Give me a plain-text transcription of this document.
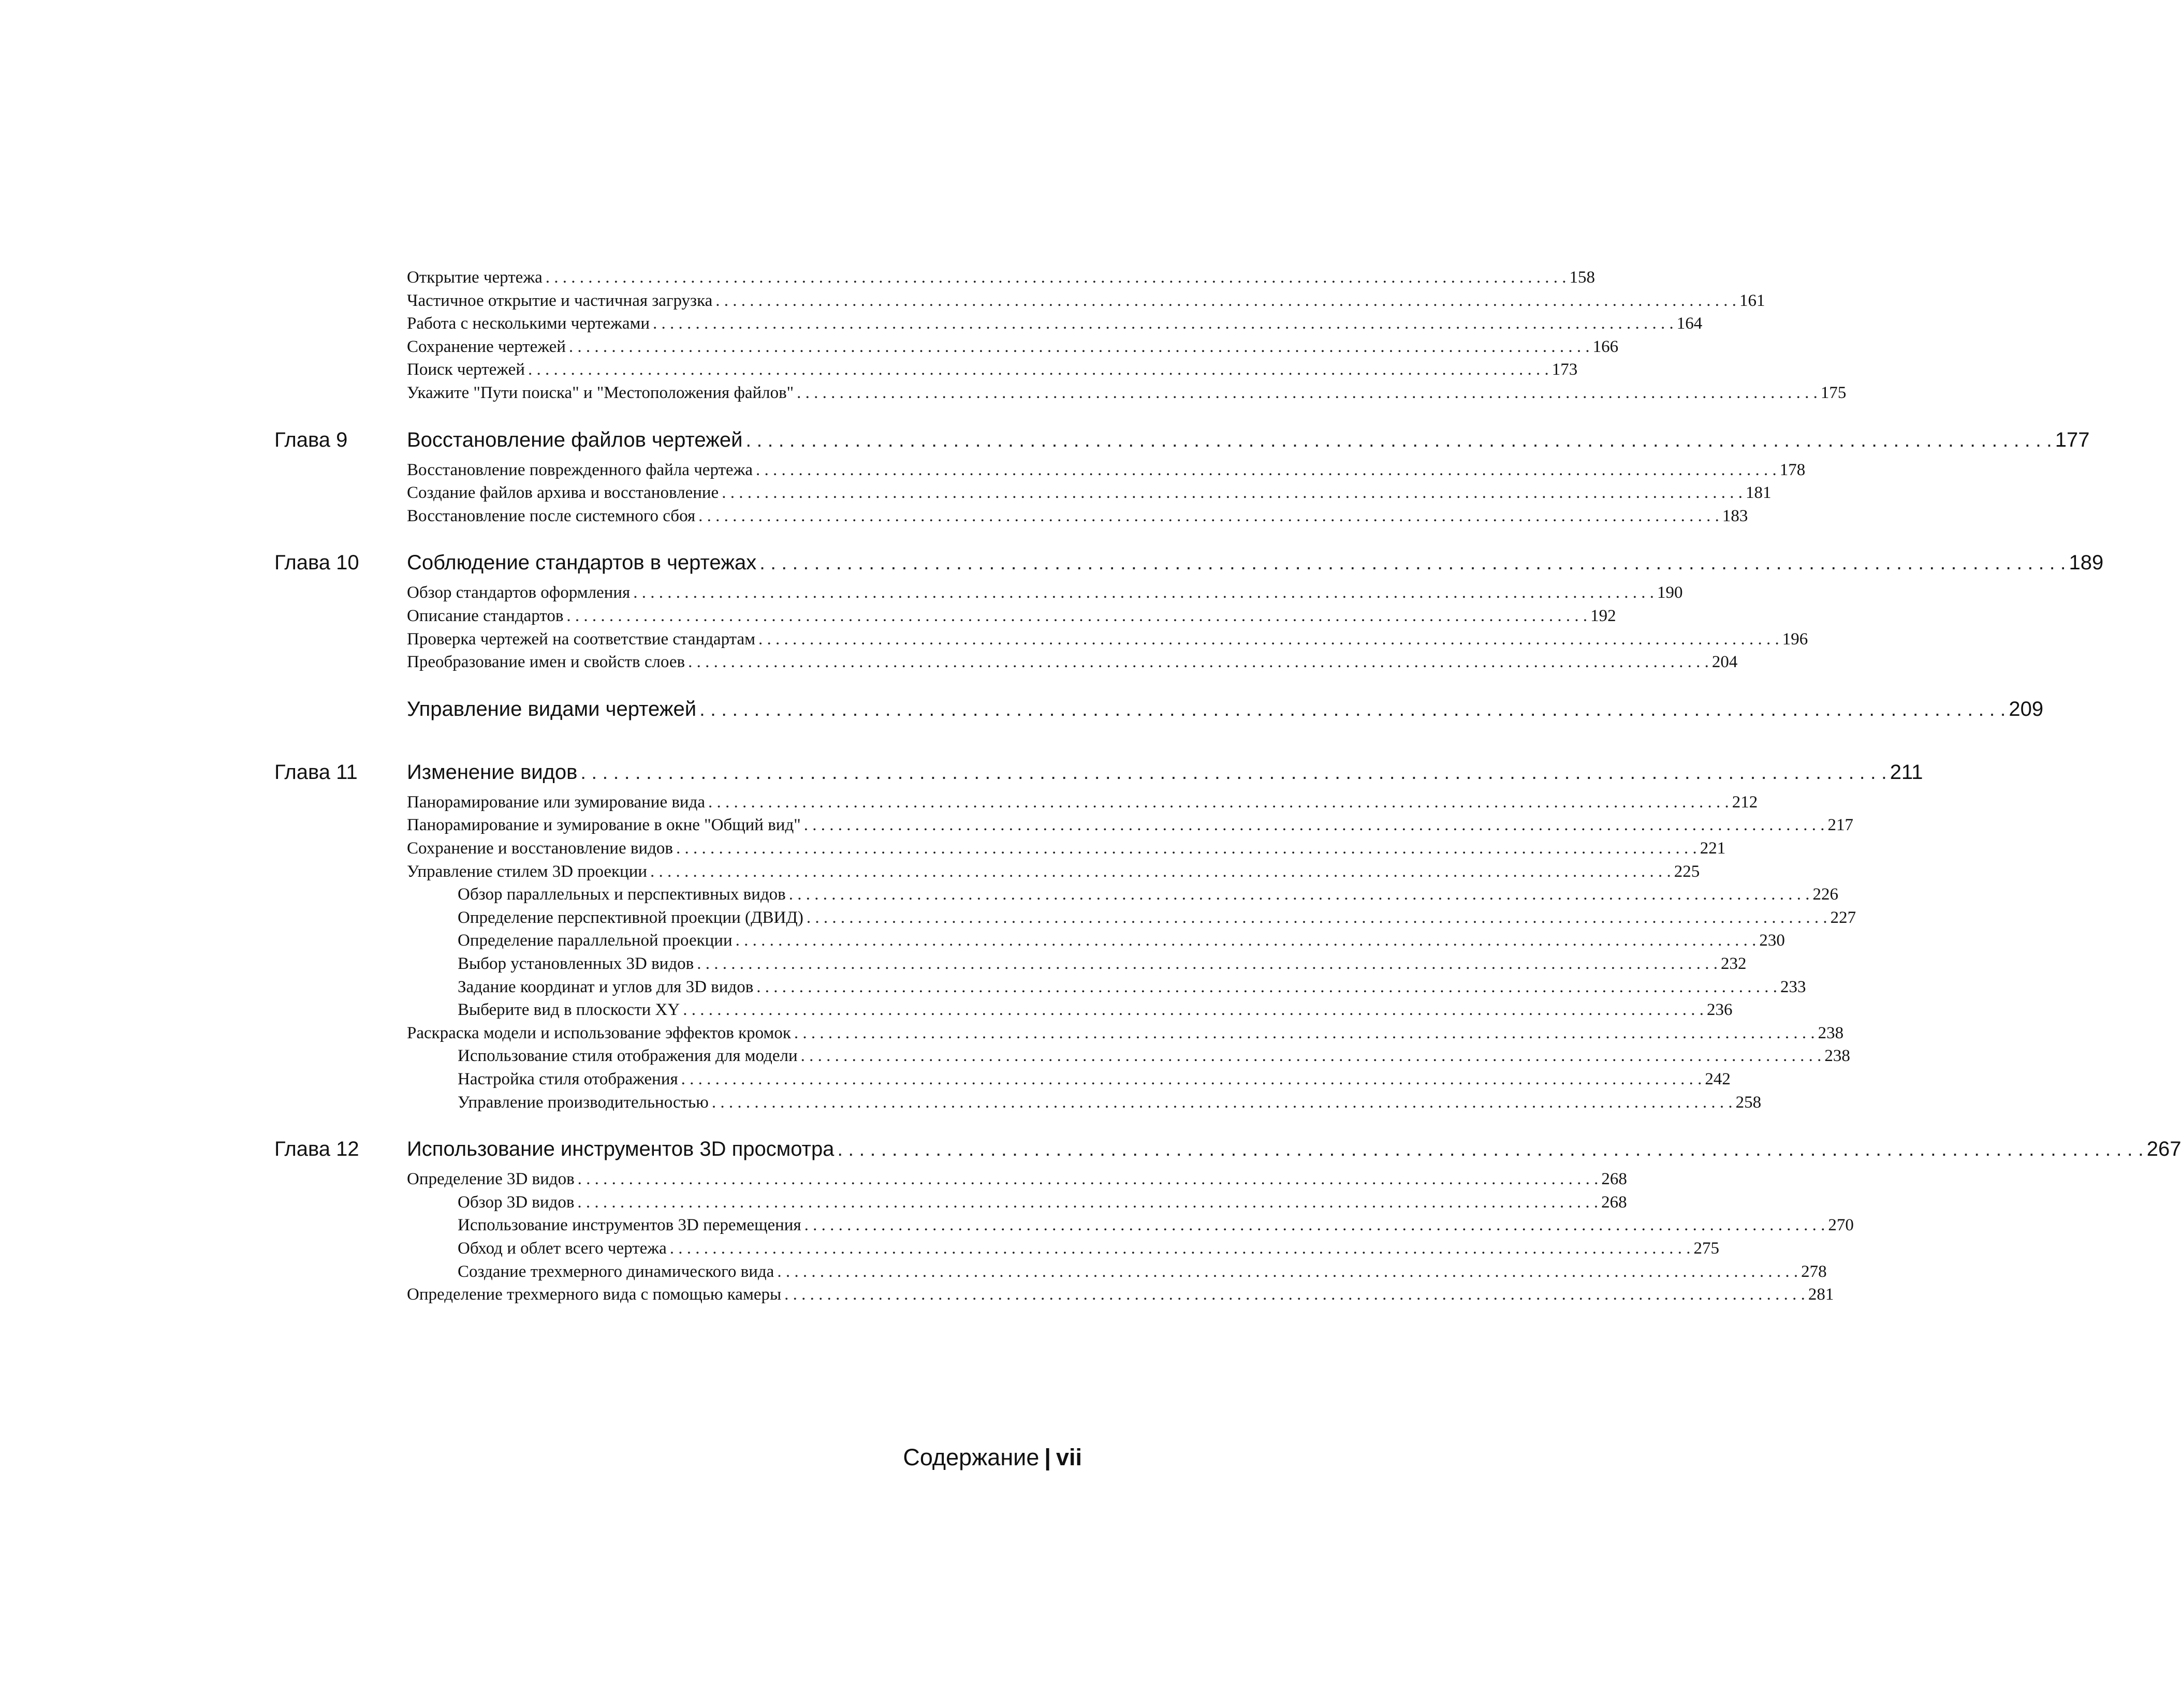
Открытие чертежа . . . . . . . . . . . . . . . . . . . . . . . . . . . . . . . . . . . . . . . . . . . . . . . . . . . . . . . . . . . . . . . . . . . . . . . . . . . . . . . . . . . . . . . . . . . . . . . . . . . . . . . . . . . . . . . . . . . . . . . . 158
Частичное открытие и частичная загрузка . . . . . . . . . . . . . . . . . . . . . . . . . . . . . . . . . . . . . . . . . . . . . . . . . . . . . . . . . . . . . . . . . . . . . . . . . . . . . . . . . . . . . . . . . . . . . . . . . . . . . . . . . . . . . . . . . . . . . . . . 161
Работа с несколькими чертежами . . . . . . . . . . . . . . . . . . . . . . . . . . . . . . . . . . . . . . . . . . . . . . . . . . . . . . . . . . . . . . . . . . . . . . . . . . . . . . . . . . . . . . . . . . . . . . . . . . . . . . . . . . . . . . . . . . . . . . . . 164
Сохранение чертежей . . . . . . . . . . . . . . . . . . . . . . . . . . . . . . . . . . . . . . . . . . . . . . . . . . . . . . . . . . . . . . . . . . . . . . . . . . . . . . . . . . . . . . . . . . . . . . . . . . . . . . . . . . . . . . . . . . . . . . . . 166
Поиск чертежей . . . . . . . . . . . . . . . . . . . . . . . . . . . . . . . . . . . . . . . . . . . . . . . . . . . . . . . . . . . . . . . . . . . . . . . . . . . . . . . . . . . . . . . . . . . . . . . . . . . . . . . . . . . . . . . . . . . . . . . . 173
Укажите "Пути поиска" и "Местоположения файлов" . . . . . . . . . . . . . . . . . . . . . . . . . . . . . . . . . . . . . . . . . . . . . . . . . . . . . . . . . . . . . . . . . . . . . . . . . . . . . . . . . . . . . . . . . . . . . . . . . . . . . . . . . . . . . . . . . . . . . . . . 175
Глава 9	Восстановление файлов чертежей . . . . . . . . . . . . . . . . . . . . . . . . . . . . . . . . . . . . . . . . . . . . . . . . . . . . . . . . . . . . . . . . . . . . . . . . . . . . . . . . . . . . . . . . . . . . . . . . . . . . . . . . . . . . . . . . . . . . . . . . 177
Восстановление поврежденного файла чертежа . . . . . . . . . . . . . . . . . . . . . . . . . . . . . . . . . . . . . . . . . . . . . . . . . . . . . . . . . . . . . . . . . . . . . . . . . . . . . . . . . . . . . . . . . . . . . . . . . . . . . . . . . . . . . . . . . . . . . . . . 178
Создание файлов архива и восстановление . . . . . . . . . . . . . . . . . . . . . . . . . . . . . . . . . . . . . . . . . . . . . . . . . . . . . . . . . . . . . . . . . . . . . . . . . . . . . . . . . . . . . . . . . . . . . . . . . . . . . . . . . . . . . . . . . . . . . . . . 181
Восстановление после системного сбоя . . . . . . . . . . . . . . . . . . . . . . . . . . . . . . . . . . . . . . . . . . . . . . . . . . . . . . . . . . . . . . . . . . . . . . . . . . . . . . . . . . . . . . . . . . . . . . . . . . . . . . . . . . . . . . . . . . . . . . . . 183
Глава 10 Соблюдение стандартов в чертежах . . . . . . . . . . . . . . . . . . . . . . . . . . . . . . . . . . . . . . . . . . . . . . . . . . . . . . . . . . . . . . . . . . . . . . . . . . . . . . . . . . . . . . . . . . . . . . . . . . . . . . . . . . . . . . . . . . . . . . . . 189
Обзор стандартов оформления . . . . . . . . . . . . . . . . . . . . . . . . . . . . . . . . . . . . . . . . . . . . . . . . . . . . . . . . . . . . . . . . . . . . . . . . . . . . . . . . . . . . . . . . . . . . . . . . . . . . . . . . . . . . . . . . . . . . . . . . 190
Описание стандартов . . . . . . . . . . . . . . . . . . . . . . . . . . . . . . . . . . . . . . . . . . . . . . . . . . . . . . . . . . . . . . . . . . . . . . . . . . . . . . . . . . . . . . . . . . . . . . . . . . . . . . . . . . . . . . . . . . . . . . . . 192
Проверка чертежей на соответствие стандартам . . . . . . . . . . . . . . . . . . . . . . . . . . . . . . . . . . . . . . . . . . . . . . . . . . . . . . . . . . . . . . . . . . . . . . . . . . . . . . . . . . . . . . . . . . . . . . . . . . . . . . . . . . . . . . . . . . . . . . . . 196
Преобразование имен и свойств слоев . . . . . . . . . . . . . . . . . . . . . . . . . . . . . . . . . . . . . . . . . . . . . . . . . . . . . . . . . . . . . . . . . . . . . . . . . . . . . . . . . . . . . . . . . . . . . . . . . . . . . . . . . . . . . . . . . . . . . . . . 204
Управление видами чертежей . . . . . . . . . . . . . . . . . . . . . . . . . . . . . . . . . . . . . . . . . . . . . . . . . . . . . . . . . . . . . . . . . . . . . . . . . . . . . . . . . . . . . . . . . . . . . . . . . . . . . . . . . . . . . . . . . . . . . . . . 209
Глава 11 Изменение видов . . . . . . . . . . . . . . . . . . . . . . . . . . . . . . . . . . . . . . . . . . . . . . . . . . . . . . . . . . . . . . . . . . . . . . . . . . . . . . . . . . . . . . . . . . . . . . . . . . . . . . . . . . . . . . . . . . . . . . . . 211
Панорамирование или зумирование вида . . . . . . . . . . . . . . . . . . . . . . . . . . . . . . . . . . . . . . . . . . . . . . . . . . . . . . . . . . . . . . . . . . . . . . . . . . . . . . . . . . . . . . . . . . . . . . . . . . . . . . . . . . . . . . . . . . . . . . . . 212
Панорамирование и зумирование в окне "Общий вид" . . . . . . . . . . . . . . . . . . . . . . . . . . . . . . . . . . . . . . . . . . . . . . . . . . . . . . . . . . . . . . . . . . . . . . . . . . . . . . . . . . . . . . . . . . . . . . . . . . . . . . . . . . . . . . . . . . . . . . . . 217
Сохранение и восстановление видов . . . . . . . . . . . . . . . . . . . . . . . . . . . . . . . . . . . . . . . . . . . . . . . . . . . . . . . . . . . . . . . . . . . . . . . . . . . . . . . . . . . . . . . . . . . . . . . . . . . . . . . . . . . . . . . . . . . . . . . . 221
Управление стилем 3D проекции . . . . . . . . . . . . . . . . . . . . . . . . . . . . . . . . . . . . . . . . . . . . . . . . . . . . . . . . . . . . . . . . . . . . . . . . . . . . . . . . . . . . . . . . . . . . . . . . . . . . . . . . . . . . . . . . . . . . . . . . 225
Обзор параллельных и перспективных видов . . . . . . . . . . . . . . . . . . . . . . . . . . . . . . . . . . . . . . . . . . . . . . . . . . . . . . . . . . . . . . . . . . . . . . . . . . . . . . . . . . . . . . . . . . . . . . . . . . . . . . . . . . . . . . . . . . . . . . . . 226
Определение перспективной проекции (ДВИД) . . . . . . . . . . . . . . . . . . . . . . . . . . . . . . . . . . . . . . . . . . . . . . . . . . . . . . . . . . . . . . . . . . . . . . . . . . . . . . . . . . . . . . . . . . . . . . . . . . . . . . . . . . . . . . . . . . . . . . . . 227
Определение параллельной проекции . . . . . . . . . . . . . . . . . . . . . . . . . . . . . . . . . . . . . . . . . . . . . . . . . . . . . . . . . . . . . . . . . . . . . . . . . . . . . . . . . . . . . . . . . . . . . . . . . . . . . . . . . . . . . . . . . . . . . . . . 230
Выбор установленных 3D видов . . . . . . . . . . . . . . . . . . . . . . . . . . . . . . . . . . . . . . . . . . . . . . . . . . . . . . . . . . . . . . . . . . . . . . . . . . . . . . . . . . . . . . . . . . . . . . . . . . . . . . . . . . . . . . . . . . . . . . . . 232
Задание координат и углов для 3D видов . . . . . . . . . . . . . . . . . . . . . . . . . . . . . . . . . . . . . . . . . . . . . . . . . . . . . . . . . . . . . . . . . . . . . . . . . . . . . . . . . . . . . . . . . . . . . . . . . . . . . . . . . . . . . . . . . . . . . . . . 233
Выберите вид в плоскости XY . . . . . . . . . . . . . . . . . . . . . . . . . . . . . . . . . . . . . . . . . . . . . . . . . . . . . . . . . . . . . . . . . . . . . . . . . . . . . . . . . . . . . . . . . . . . . . . . . . . . . . . . . . . . . . . . . . . . . . . . 236
Раскраска модели и использование эффектов кромок . . . . . . . . . . . . . . . . . . . . . . . . . . . . . . . . . . . . . . . . . . . . . . . . . . . . . . . . . . . . . . . . . . . . . . . . . . . . . . . . . . . . . . . . . . . . . . . . . . . . . . . . . . . . . . . . . . . . . . . . 238
Использование стиля отображения для модели . . . . . . . . . . . . . . . . . . . . . . . . . . . . . . . . . . . . . . . . . . . . . . . . . . . . . . . . . . . . . . . . . . . . . . . . . . . . . . . . . . . . . . . . . . . . . . . . . . . . . . . . . . . . . . . . . . . . . . . . 238
Настройка стиля отображения . . . . . . . . . . . . . . . . . . . . . . . . . . . . . . . . . . . . . . . . . . . . . . . . . . . . . . . . . . . . . . . . . . . . . . . . . . . . . . . . . . . . . . . . . . . . . . . . . . . . . . . . . . . . . . . . . . . . . . . . 242
Управление производительностью . . . . . . . . . . . . . . . . . . . . . . . . . . . . . . . . . . . . . . . . . . . . . . . . . . . . . . . . . . . . . . . . . . . . . . . . . . . . . . . . . . . . . . . . . . . . . . . . . . . . . . . . . . . . . . . . . . . . . . . . 258
Глава 12 Использование инструментов 3D просмотра . . . . . . . . . . . . . . . . . . . . . . . . . . . . . . . . . . . . . . . . . . . . . . . . . . . . . . . . . . . . . . . . . . . . . . . . . . . . . . . . . . . . . . . . . . . . . . . . . . . . . . . . . . . . . . . . . . . . . . . . 267
Определение 3D видов . . . . . . . . . . . . . . . . . . . . . . . . . . . . . . . . . . . . . . . . . . . . . . . . . . . . . . . . . . . . . . . . . . . . . . . . . . . . . . . . . . . . . . . . . . . . . . . . . . . . . . . . . . . . . . . . . . . . . . . . 268
Обзор 3D видов . . . . . . . . . . . . . . . . . . . . . . . . . . . . . . . . . . . . . . . . . . . . . . . . . . . . . . . . . . . . . . . . . . . . . . . . . . . . . . . . . . . . . . . . . . . . . . . . . . . . . . . . . . . . . . . . . . . . . . . . 268
Использование инструментов 3D перемещения . . . . . . . . . . . . . . . . . . . . . . . . . . . . . . . . . . . . . . . . . . . . . . . . . . . . . . . . . . . . . . . . . . . . . . . . . . . . . . . . . . . . . . . . . . . . . . . . . . . . . . . . . . . . . . . . . . . . . . . . 270
Обход и облет всего чертежа . . . . . . . . . . . . . . . . . . . . . . . . . . . . . . . . . . . . . . . . . . . . . . . . . . . . . . . . . . . . . . . . . . . . . . . . . . . . . . . . . . . . . . . . . . . . . . . . . . . . . . . . . . . . . . . . . . . . . . . . 275
Создание трехмерного динамического вида . . . . . . . . . . . . . . . . . . . . . . . . . . . . . . . . . . . . . . . . . . . . . . . . . . . . . . . . . . . . . . . . . . . . . . . . . . . . . . . . . . . . . . . . . . . . . . . . . . . . . . . . . . . . . . . . . . . . . . . . 278
Определение трехмерного вида с помощью камеры . . . . . . . . . . . . . . . . . . . . . . . . . . . . . . . . . . . . . . . . . . . . . . . . . . . . . . . . . . . . . . . . . . . . . . . . . . . . . . . . . . . . . . . . . . . . . . . . . . . . . . . . . . . . . . . . . . . . . . . . 281
Содержание | vii
